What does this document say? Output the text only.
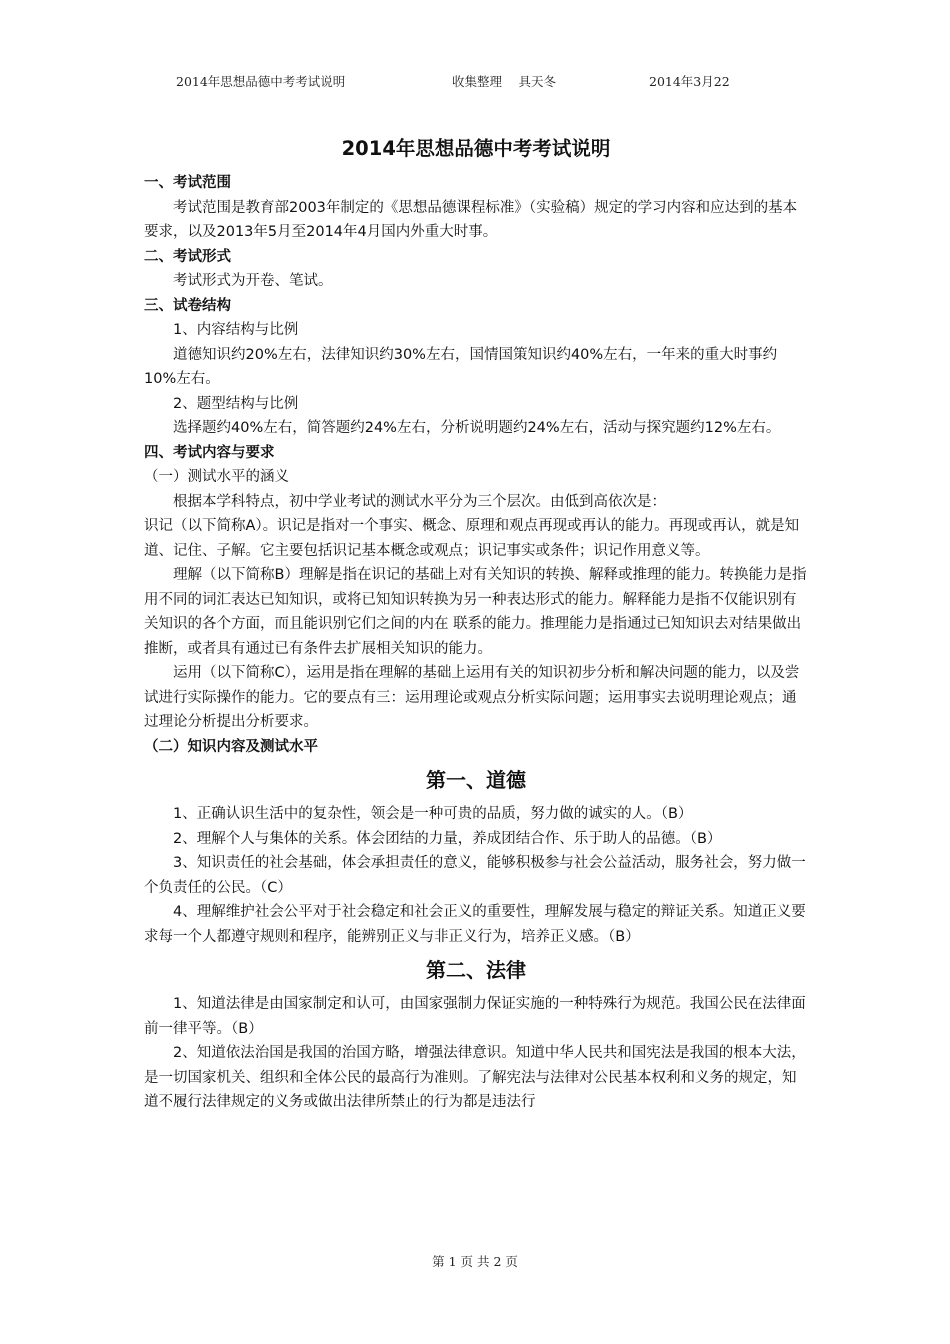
2014年思想品德中考考试说明	收集整理　 具天冬	2014年3月22

2014年思想品德中考考试说明

一、考试范围

考试范围是教育部2003年制定的《思想品德课程标准》（实验稿）规定的学习内容和应达到的基本要求，以及2013年5月至2014年4月国内外重大时事。

二、考试形式

考试形式为开卷、笔试。

三、试卷结构

1、内容结构与比例

道德知识约20%左右，法律知识约30%左右，国情国策知识约40%左右，一年来的重大时事约10%左右。

2、题型结构与比例

选择题约40%左右，简答题约24%左右，分析说明题约24%左右，活动与探究题约12%左右。

四、考试内容与要求

（一）测试水平的涵义

根据本学科特点，初中学业考试的测试水平分为三个层次。由低到高依次是：

识记（以下简称A）。识记是指对一个事实、概念、原理和观点再现或再认的能力。再现或再认，就是知道、记住、子解。它主要包括识记基本概念或观点；识记事实或条件；识记作用意义等。

理解（以下简称B）理解是指在识记的基础上对有关知识的转换、解释或推理的能力。转换能力是指用不同的词汇表达已知知识，或将已知知识转换为另一种表达形式的能力。解释能力是指不仅能识别有关知识的各个方面，而且能识别它们之间的内在 联系的能力。推理能力是指通过已知知识去对结果做出推断，或者具有通过已有条件去扩展相关知识的能力。

运用（以下简称C），运用是指在理解的基础上运用有关的知识初步分析和解决问题的能力，以及尝试进行实际操作的能力。它的要点有三：运用理论或观点分析实际问题；运用事实去说明理论观点；通过理论分析提出分析要求。

（二）知识内容及测试水平

第一、道德

1、正确认识生活中的复杂性，领会是一种可贵的品质，努力做的诚实的人。（B）

2、理解个人与集体的关系。体会团结的力量，养成团结合作、乐于助人的品德。（B）

3、知识责任的社会基础，体会承担责任的意义，能够积极参与社会公益活动，服务社会，努力做一个负责任的公民。（C）

4、理解维护社会公平对于社会稳定和社会正义的重要性，理解发展与稳定的辩证关系。知道正义要求每一个人都遵守规则和程序，能辨别正义与非正义行为，培养正义感。（B）

第二、法律

1、知道法律是由国家制定和认可，由国家强制力保证实施的一种特殊行为规范。我国公民在法律面前一律平等。（B）

2、知道依法治国是我国的治国方略，增强法律意识。知道中华人民共和国宪法是我国的根本大法，是一切国家机关、组织和全体公民的最高行为准则。了解宪法与法律对公民基本权利和义务的规定，知道不履行法律规定的义务或做出法律所禁止的行为都是违法行

第 1 页 共 2 页
